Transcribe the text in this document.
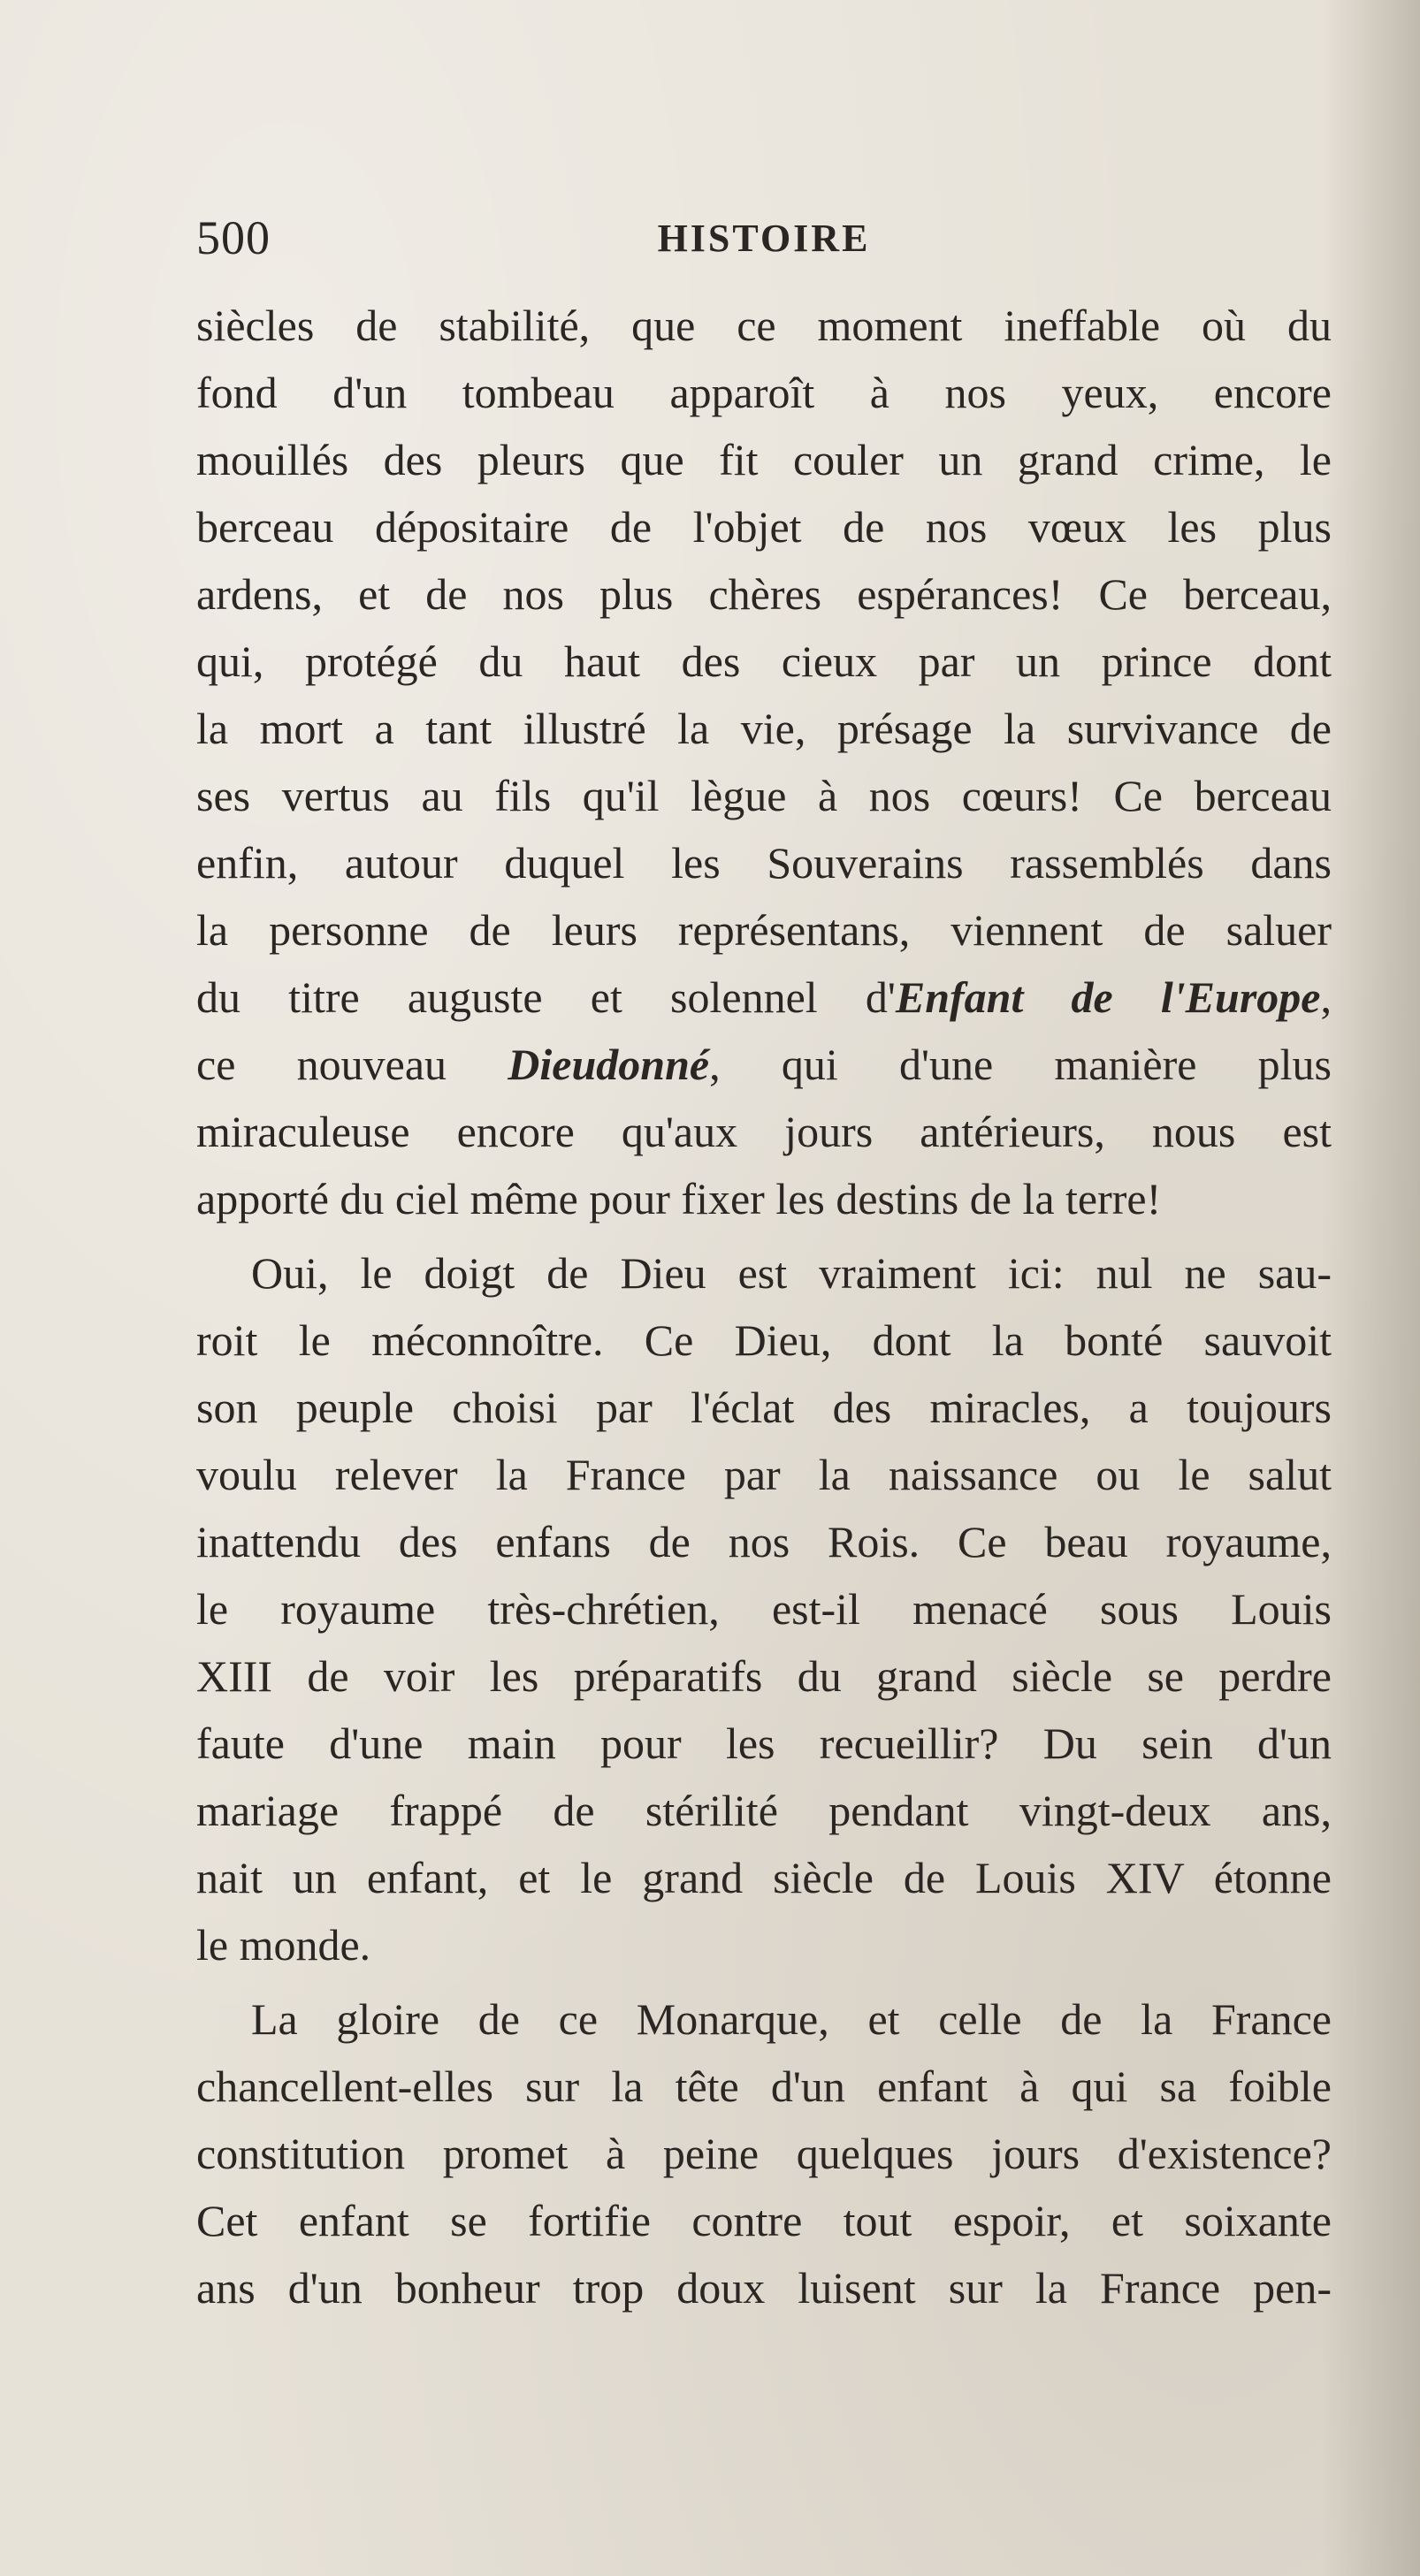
500	HISTOIRE
siècles de stabilité, que ce moment ineffable où du
fond d'un tombeau apparoît à nos yeux, encore
mouillés des pleurs que fit couler un grand crime, le
berceau dépositaire de l'objet de nos vœux les plus
ardens, et de nos plus chères espérances! Ce berceau,
qui, protégé du haut des cieux par un prince dont
la mort a tant illustré la vie, présage la survivance de
ses vertus au fils qu'il lègue à nos cœurs! Ce berceau
enfin, autour duquel les Souverains rassemblés dans
la personne de leurs représentans, viennent de saluer
du titre auguste et solennel d'Enfant de l'Europe,
ce nouveau Dieudonné, qui d'une manière plus
miraculeuse encore qu'aux jours antérieurs, nous est
apporté du ciel même pour fixer les destins de la terre!
Oui, le doigt de Dieu est vraiment ici: nul ne sau-
roit le méconnoître. Ce Dieu, dont la bonté sauvoit
son peuple choisi par l'éclat des miracles, a toujours
voulu relever la France par la naissance ou le salut
inattendu des enfans de nos Rois. Ce beau royaume,
le royaume très-chrétien, est-il menacé sous Louis
XIII de voir les préparatifs du grand siècle se perdre
faute d'une main pour les recueillir? Du sein d'un
mariage frappé de stérilité pendant vingt-deux ans,
nait un enfant, et le grand siècle de Louis XIV étonne
le monde.
La gloire de ce Monarque, et celle de la France
chancellent-elles sur la tête d'un enfant à qui sa foible
constitution promet à peine quelques jours d'existence?
Cet enfant se fortifie contre tout espoir, et soixante
ans d'un bonheur trop doux luisent sur la France pen-
